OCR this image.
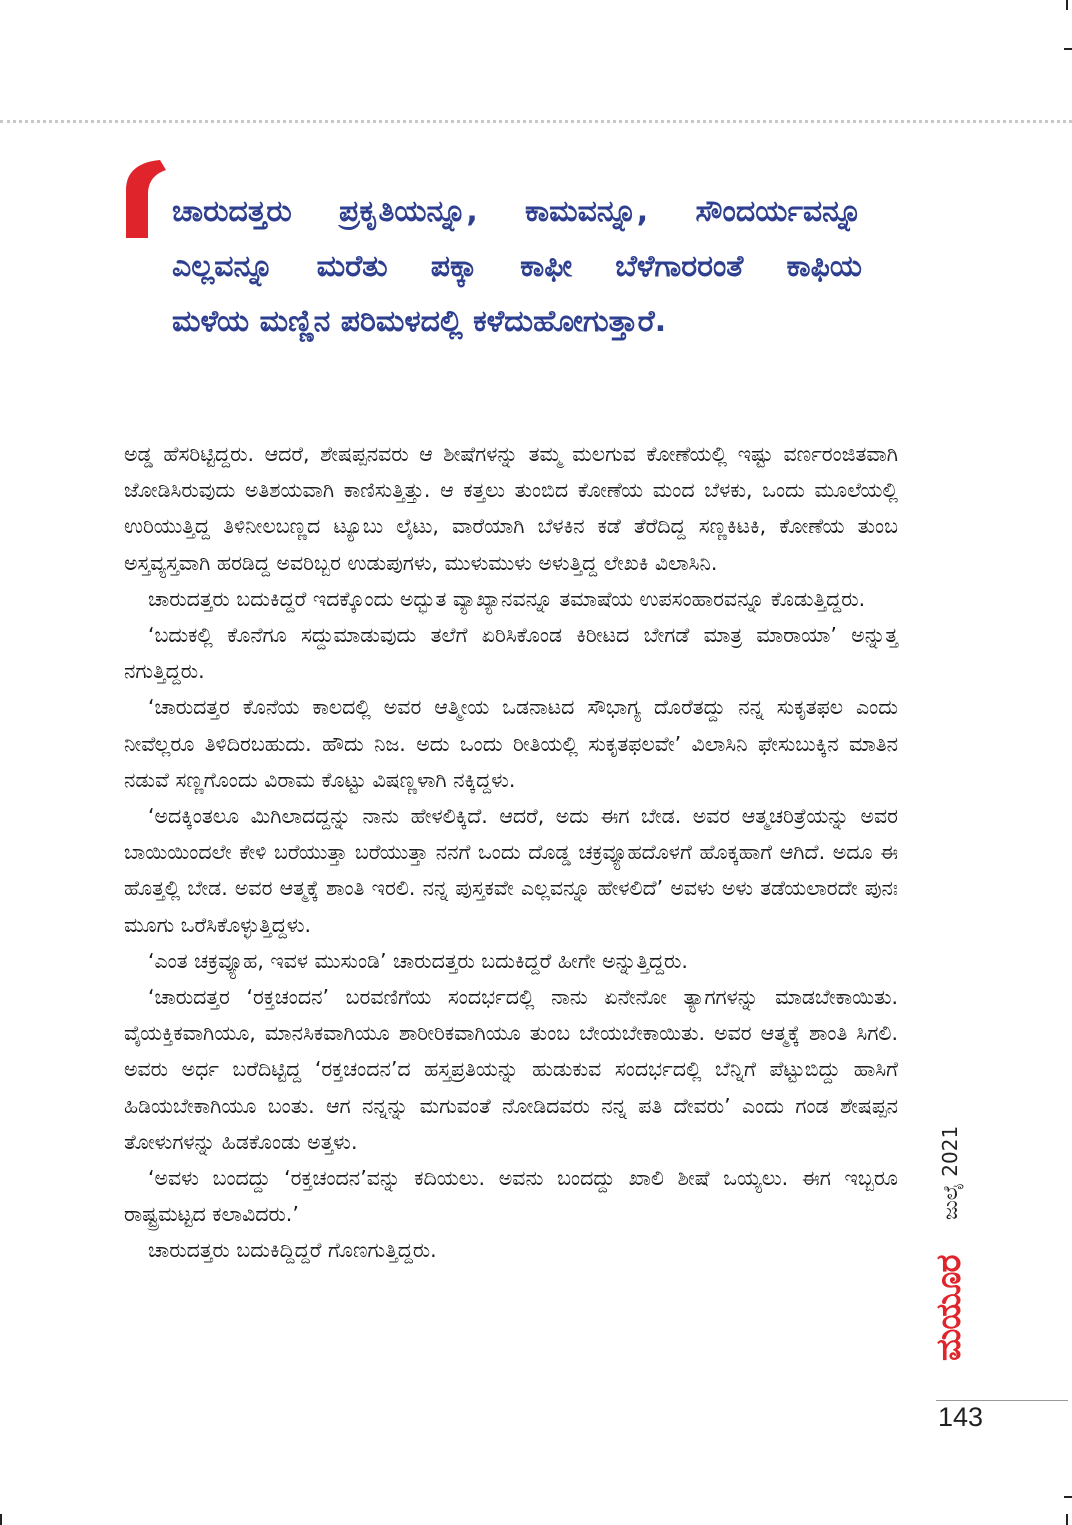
ಚಾರುದತ್ತರು ಪ್ರಕೃತಿಯನ್ನೂ, ಕಾಮವನ್ನೂ, ಸೌಂದರ್ಯವನ್ನೂ
ಎಲ್ಲವನ್ನೂ ಮರೆತು ಪಕ್ಕಾ ಕಾಫೀ ಬೆಳೆಗಾರರಂತೆ ಕಾಫಿಯ
ಮಳೆಯ ಮಣ್ಣಿನ ಪರಿಮಳದಲ್ಲಿ ಕಳೆದುಹೋಗುತ್ತಾರೆ.

ಅಡ್ಡ ಹೆಸರಿಟ್ಟಿದ್ದರು. ಆದರೆ, ಶೇಷಪ್ಪನವರು ಆ ಶೀಷೆಗಳನ್ನು ತಮ್ಮ ಮಲಗುವ ಕೋಣೆಯಲ್ಲಿ ಇಷ್ಟು ವರ್ಣರಂಜಿತವಾಗಿ ಜೋಡಿಸಿರುವುದು ಅತಿಶಯವಾಗಿ ಕಾಣಿಸುತ್ತಿತ್ತು. ಆ ಕತ್ತಲು ತುಂಬಿದ ಕೋಣೆಯ ಮಂದ ಬೆಳಕು, ಒಂದು ಮೂಲೆಯಲ್ಲಿ ಉರಿಯುತ್ತಿದ್ದ ತಿಳಿನೀಲಬಣ್ಣದ ಟ್ಯೂಬು ಲೈಟು, ವಾರೆಯಾಗಿ ಬೆಳಕಿನ ಕಡೆ ತೆರೆದಿದ್ದ ಸಣ್ಣಕಿಟಕಿ, ಕೋಣೆಯ ತುಂಬ ಅಸ್ತವ್ಯಸ್ತವಾಗಿ ಹರಡಿದ್ದ ಅವರಿಬ್ಬರ ಉಡುಪುಗಳು, ಮುಳುಮುಳು ಅಳುತ್ತಿದ್ದ ಲೇಖಕಿ ವಿಲಾಸಿನಿ.

ಚಾರುದತ್ತರು ಬದುಕಿದ್ದರೆ ಇದಕ್ಕೊಂದು ಅದ್ಭುತ ವ್ಯಾಖ್ಯಾನವನ್ನೂ ತಮಾಷೆಯ ಉಪಸಂಹಾರವನ್ನೂ ಕೊಡುತ್ತಿದ್ದರು.

‘ಬದುಕಲ್ಲಿ ಕೊನೆಗೂ ಸದ್ದುಮಾಡುವುದು ತಲೆಗೆ ಏರಿಸಿಕೊಂಡ ಕಿರೀಟದ ಬೇಗಡೆ ಮಾತ್ರ ಮಾರಾಯಾ’ ಅನ್ನುತ್ತ ನಗುತ್ತಿದ್ದರು.

‘ಚಾರುದತ್ತರ ಕೊನೆಯ ಕಾಲದಲ್ಲಿ ಅವರ ಆತ್ಮೀಯ ಒಡನಾಟದ ಸೌಭಾಗ್ಯ ದೊರೆತದ್ದು ನನ್ನ ಸುಕೃತಫಲ ಎಂದು ನೀವೆಲ್ಲರೂ ತಿಳಿದಿರಬಹುದು. ಹೌದು ನಿಜ. ಅದು ಒಂದು ರೀತಿಯಲ್ಲಿ ಸುಕೃತಫಲವೇ’ ವಿಲಾಸಿನಿ ಫೇಸುಬುಕ್ಕಿನ ಮಾತಿನ ನಡುವೆ ಸಣ್ಣಗೊಂದು ವಿರಾಮ ಕೊಟ್ಟು ವಿಷಣ್ಣಳಾಗಿ ನಕ್ಕಿದ್ದಳು.

‘ಅದಕ್ಕಿಂತಲೂ ಮಿಗಿಲಾದದ್ದನ್ನು ನಾನು ಹೇಳಲಿಕ್ಕಿದೆ. ಆದರೆ, ಅದು ಈಗ ಬೇಡ. ಅವರ ಆತ್ಮಚರಿತ್ರೆಯನ್ನು ಅವರ ಬಾಯಿಯಿಂದಲೇ ಕೇಳಿ ಬರೆಯುತ್ತಾ ಬರೆಯುತ್ತಾ ನನಗೆ ಒಂದು ದೊಡ್ಡ ಚಕ್ರವ್ಯೂಹದೊಳಗೆ ಹೊಕ್ಕಹಾಗೆ ಆಗಿದೆ. ಅದೂ ಈ ಹೊತ್ತಲ್ಲಿ ಬೇಡ. ಅವರ ಆತ್ಮಕ್ಕೆ ಶಾಂತಿ ಇರಲಿ. ನನ್ನ ಪುಸ್ತಕವೇ ಎಲ್ಲವನ್ನೂ ಹೇಳಲಿದೆ’ ಅವಳು ಅಳು ತಡೆಯಲಾರದೇ ಪುನಃ ಮೂಗು ಒರೆಸಿಕೊಳ್ಳುತ್ತಿದ್ದಳು.

‘ಎಂತ ಚಕ್ರವ್ಯೂಹ, ಇವಳ ಮುಸುಂಡಿ’ ಚಾರುದತ್ತರು ಬದುಕಿದ್ದರೆ ಹೀಗೇ ಅನ್ನುತ್ತಿದ್ದರು.

‘ಚಾರುದತ್ತರ ‘ರಕ್ತಚಂದನ’ ಬರವಣಿಗೆಯ ಸಂದರ್ಭದಲ್ಲಿ ನಾನು ಏನೇನೋ ತ್ಯಾಗಗಳನ್ನು ಮಾಡಬೇಕಾಯಿತು. ವೈಯಕ್ತಿಕವಾಗಿಯೂ, ಮಾನಸಿಕವಾಗಿಯೂ ಶಾರೀರಿಕವಾಗಿಯೂ ತುಂಬ ಬೇಯಬೇಕಾಯಿತು. ಅವರ ಆತ್ಮಕ್ಕೆ ಶಾಂತಿ ಸಿಗಲಿ. ಅವರು ಅರ್ಧ ಬರೆದಿಟ್ಟಿದ್ದ ‘ರಕ್ತಚಂದನ’ದ ಹಸ್ತಪ್ರತಿಯನ್ನು ಹುಡುಕುವ ಸಂದರ್ಭದಲ್ಲಿ ಬೆನ್ನಿಗೆ ಪೆಟ್ಟುಬಿದ್ದು ಹಾಸಿಗೆ ಹಿಡಿಯಬೇಕಾಗಿಯೂ ಬಂತು. ಆಗ ನನ್ನನ್ನು ಮಗುವಂತೆ ನೋಡಿದವರು ನನ್ನ ಪತಿ ದೇವರು’ ಎಂದು ಗಂಡ ಶೇಷಪ್ಪನ ತೋಳುಗಳನ್ನು ಹಿಡಕೊಂಡು ಅತ್ತಳು.

‘ಅವಳು ಬಂದದ್ದು ‘ರಕ್ತಚಂದನ’ವನ್ನು ಕದಿಯಲು. ಅವನು ಬಂದದ್ದು ಖಾಲಿ ಶೀಷೆ ಒಯ್ಯಲು. ಈಗ ಇಬ್ಬರೂ ರಾಷ್ಟ್ರಮಟ್ಟದ ಕಲಾವಿದರು.’

ಚಾರುದತ್ತರು ಬದುಕಿದ್ದಿದ್ದರೆ ಗೊಣಗುತ್ತಿದ್ದರು.

ಜುಲೈ 2021
ಮಯೂರ
143
